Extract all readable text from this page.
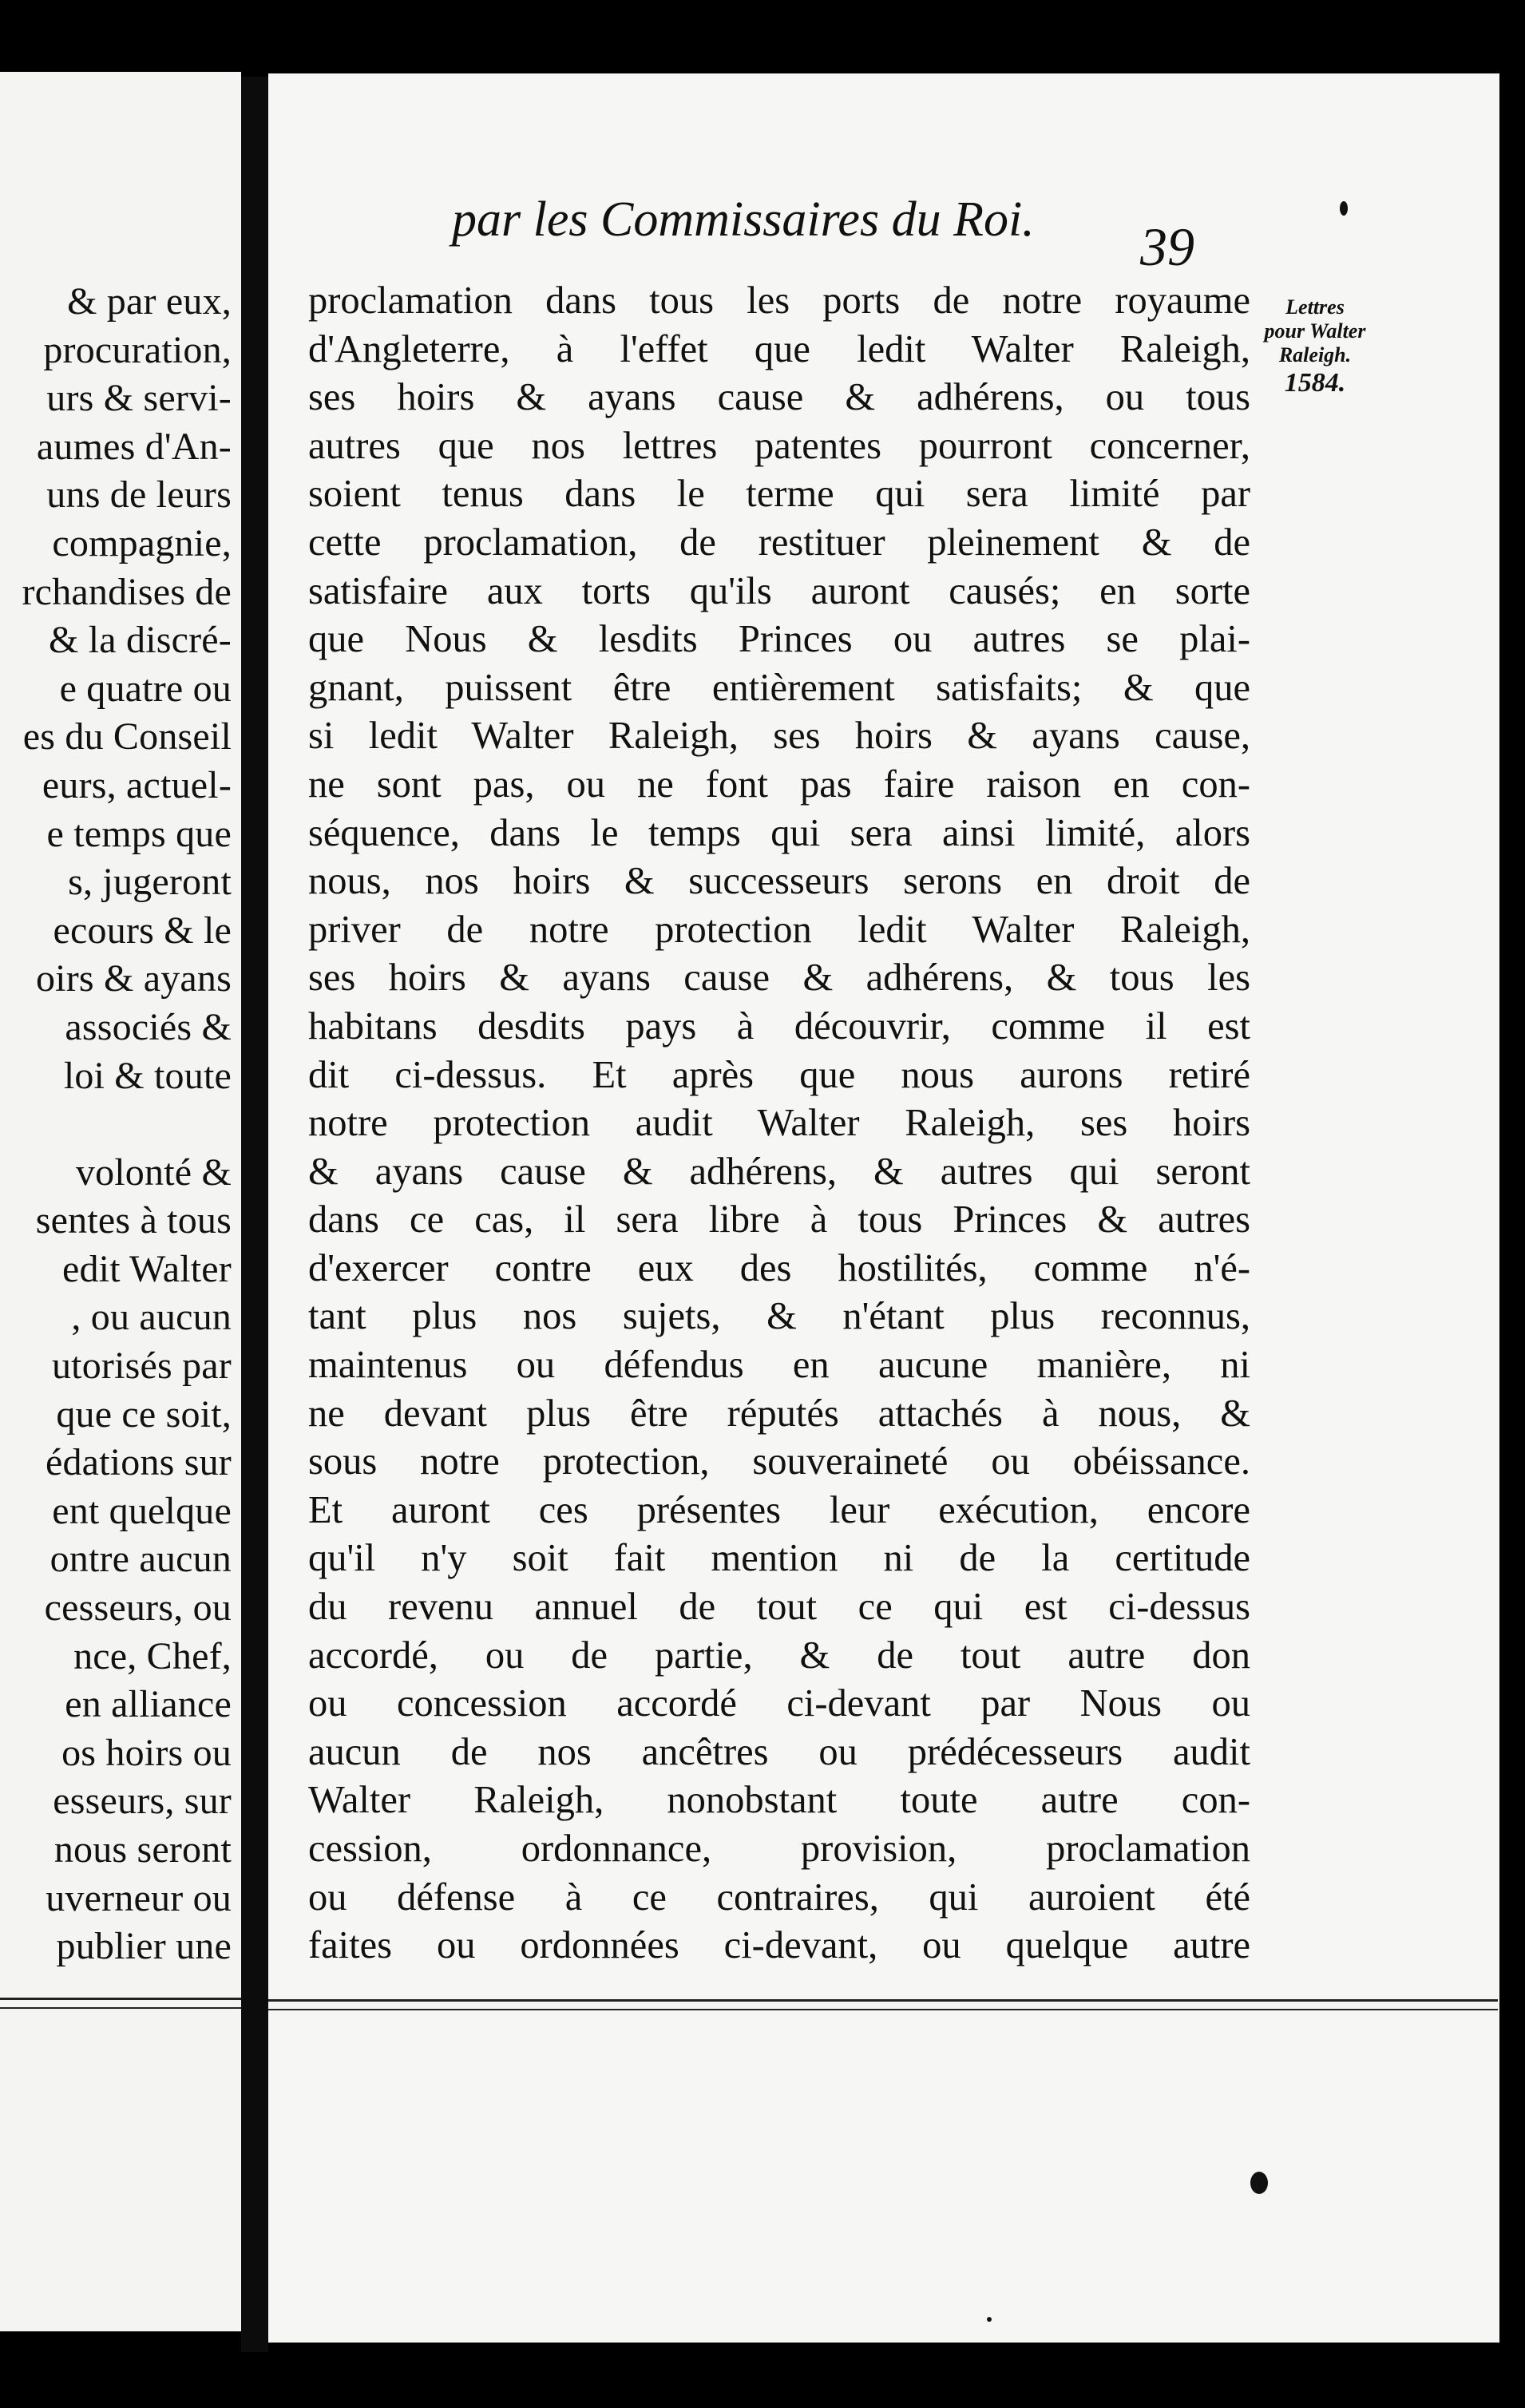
& par eux,
procuration,
urs & servi-
aumes d'An-
uns de leurs
compagnie,
rchandises de
& la discré-
e quatre ou
es du Conseil
eurs, actuel-
e temps que
s, jugeront
ecours & le
oirs & ayans
associés &
loi & toute
volonté &
sentes à tous
edit Walter
, ou aucun
utorisés par
que ce soit,
édations sur
ent quelque
ontre aucun
cesseurs, ou
nce, Chef,
en alliance
os hoirs ou
esseurs, sur
nous seront
uverneur ou
publier une
par les Commissaires du Roi.	39
proclamation dans tous les ports de notre royaume
d'Angleterre, à l'effet que ledit Walter Raleigh,
ses hoirs & ayans cause & adhérens, ou tous
autres que nos lettres patentes pourront concerner,
soient tenus dans le terme qui sera limité par
cette proclamation, de restituer pleinement & de
satisfaire aux torts qu'ils auront causés; en sorte
que Nous & lesdits Princes ou autres se plai-
gnant, puissent être entièrement satisfaits; & que
si ledit Walter Raleigh, ses hoirs & ayans cause,
ne sont pas, ou ne font pas faire raison en con-
séquence, dans le temps qui sera ainsi limité, alors
nous, nos hoirs & successeurs serons en droit de
priver de notre protection ledit Walter Raleigh,
ses hoirs & ayans cause & adhérens, & tous les
habitans desdits pays à découvrir, comme il est
dit ci-dessus. Et après que nous aurons retiré
notre protection audit Walter Raleigh, ses hoirs
& ayans cause & adhérens, & autres qui seront
dans ce cas, il sera libre à tous Princes & autres
d'exercer contre eux des hostilités, comme n'é-
tant plus nos sujets, & n'étant plus reconnus,
maintenus ou défendus en aucune manière, ni
ne devant plus être réputés attachés à nous, &
sous notre protection, souveraineté ou obéissance.
Et auront ces présentes leur exécution, encore
qu'il n'y soit fait mention ni de la certitude
du revenu annuel de tout ce qui est ci-dessus
accordé, ou de partie, & de tout autre don
ou concession accordé ci-devant par Nous ou
aucun de nos ancêtres ou prédécesseurs audit
Walter Raleigh, nonobstant toute autre con-
cession, ordonnance, provision, proclamation
ou défense à ce contraires, qui auroient été
faites ou ordonnées ci-devant, ou quelque autre
Lettres
pour Walter
Raleigh.
1584.
